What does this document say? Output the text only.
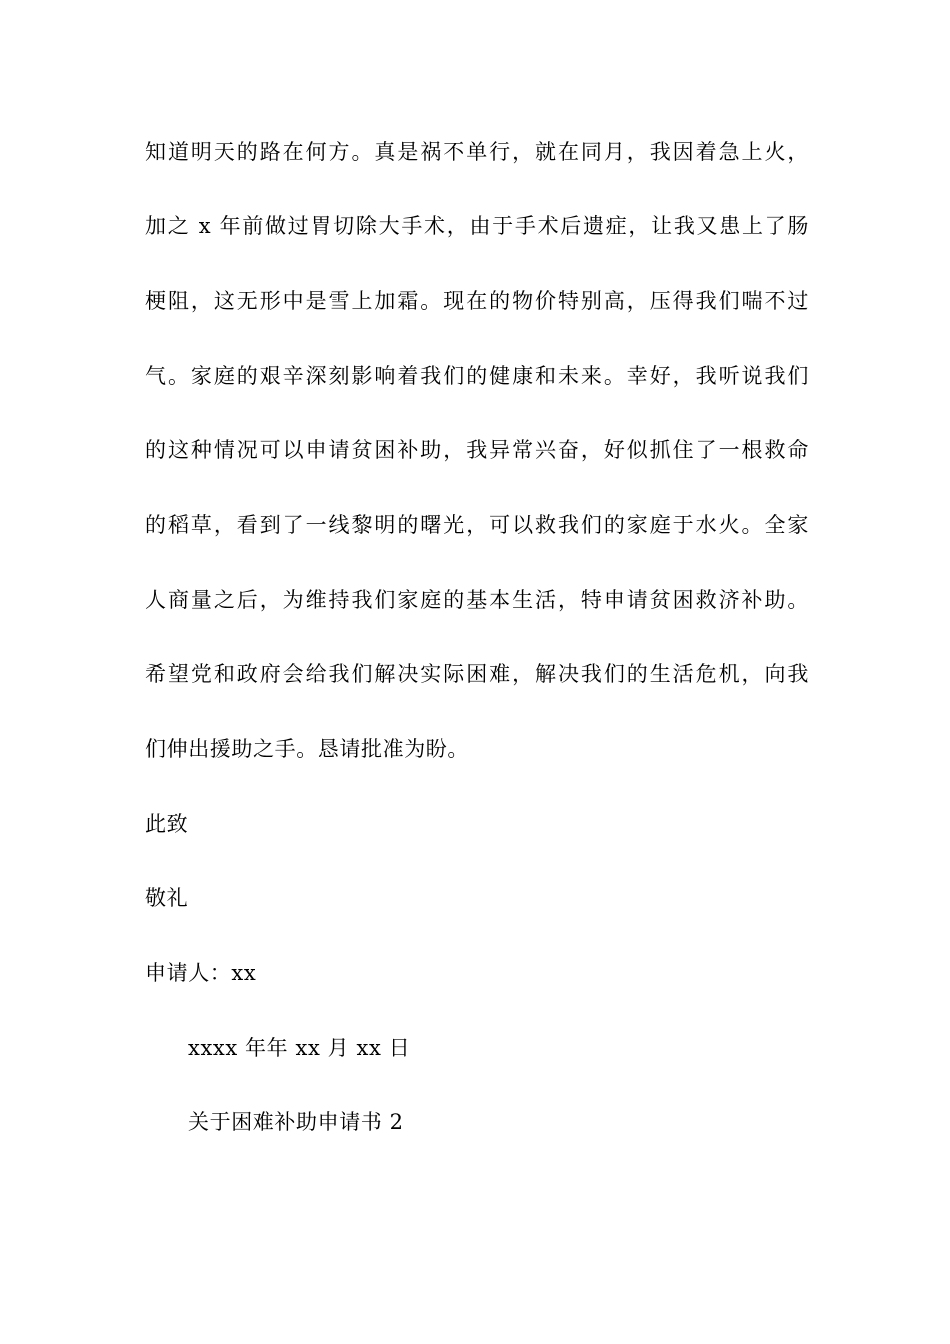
知道明天的路在何方。真是祸不单行，就在同月，我因着急上火，
加之 x 年前做过胃切除大手术，由于手术后遗症，让我又患上了肠
梗阻，这无形中是雪上加霜。现在的物价特别高，压得我们喘不过
气。家庭的艰辛深刻影响着我们的健康和未来。幸好，我听说我们
的这种情况可以申请贫困补助，我异常兴奋，好似抓住了一根救命
的稻草，看到了一线黎明的曙光，可以救我们的家庭于水火。全家
人商量之后，为维持我们家庭的基本生活，特申请贫困救济补助。
希望党和政府会给我们解决实际困难，解决我们的生活危机，向我
们伸出援助之手。恳请批准为盼。
此致
敬礼
申请人：xx
xxxx 年年 xx 月 xx 日
关于困难补助申请书 2
